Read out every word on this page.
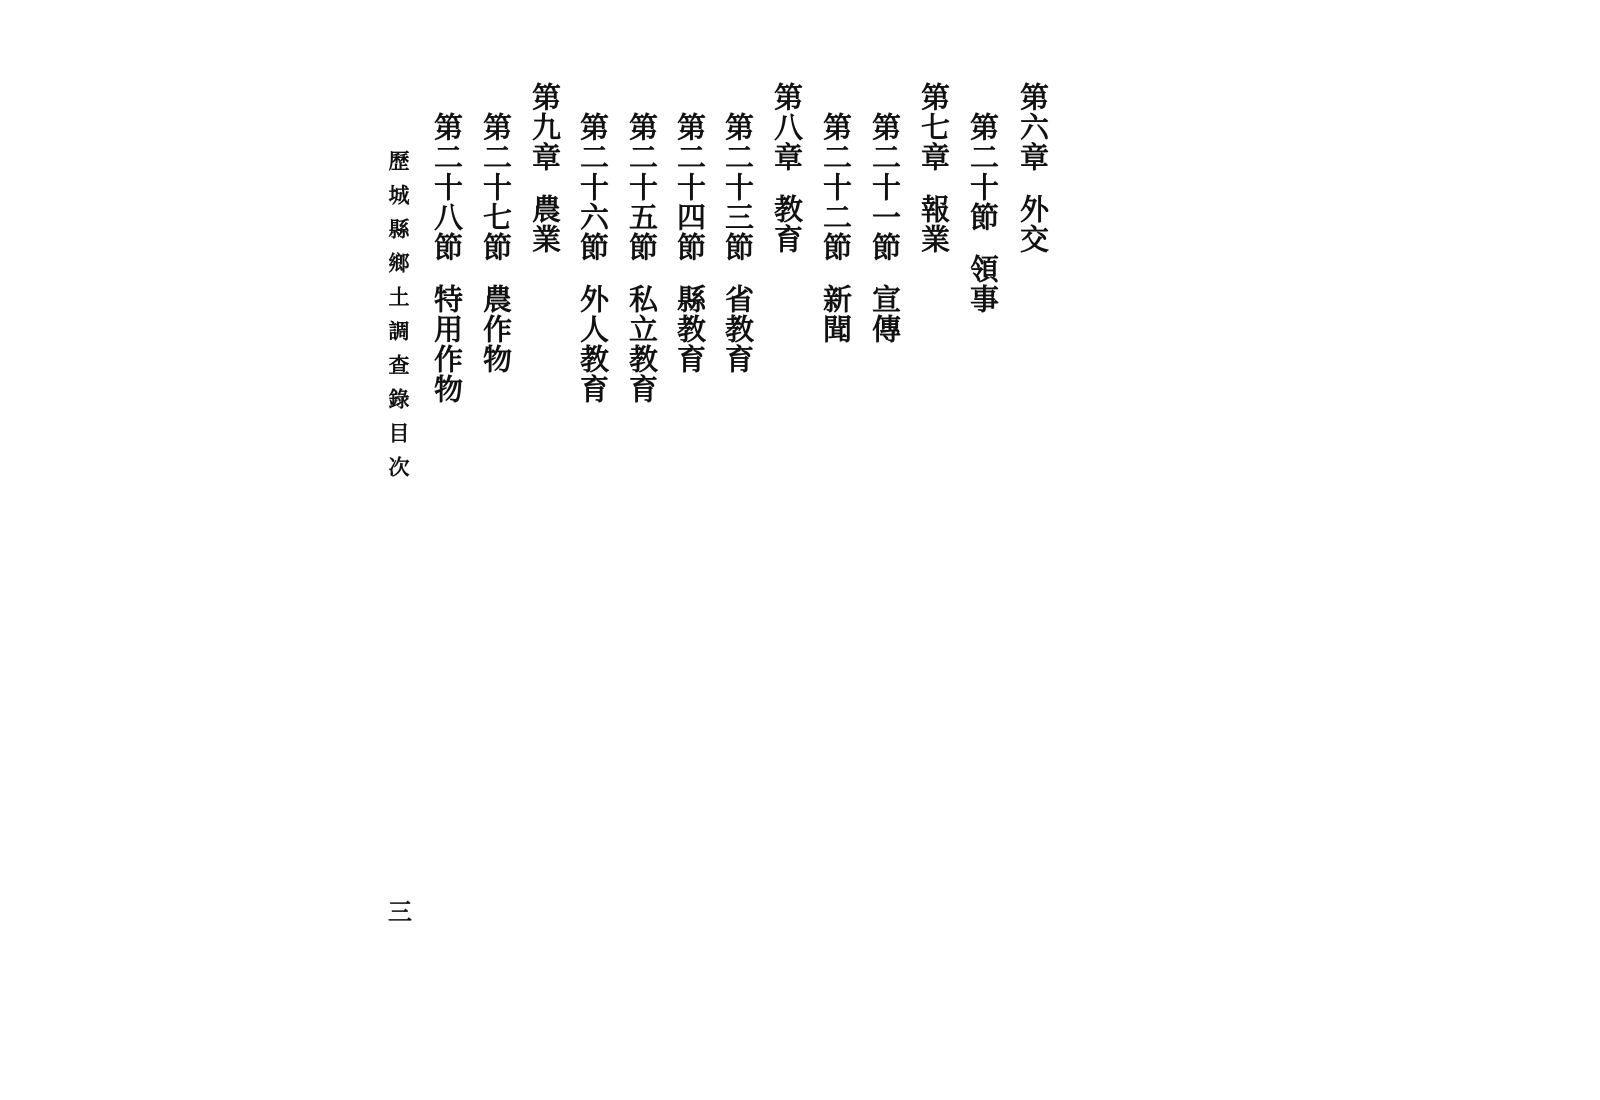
第六章外交
第二十節領事
第七章報業
第二十一節宣傳
第二十二節新聞
第八章教育
第二十三節省教育
第二十四節縣教育
第二十五節私立教育
第二十六節外人教育
第九章農業
第二十七節農作物
第二十八節特用作物
歷城縣鄉土調查錄目次
三
